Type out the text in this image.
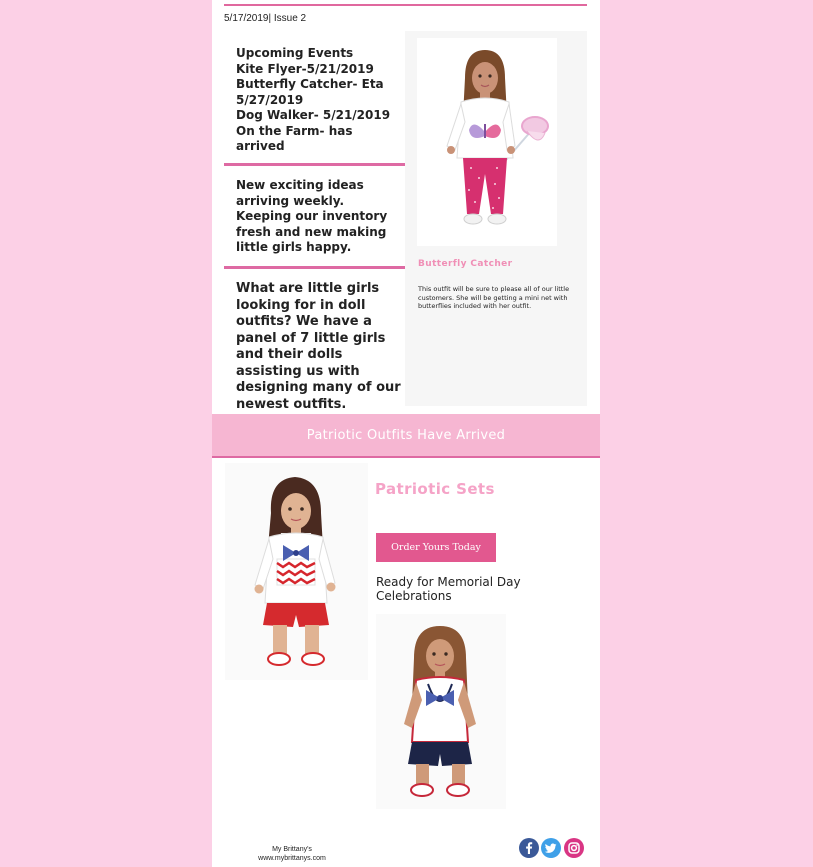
5/17/2019| Issue 2
Upcoming Events
Kite Flyer-5/21/2019
Butterfly Catcher- Eta
5/27/2019
Dog Walker- 5/21/2019
On the Farm- has
arrived
New exciting ideas arriving weekly. Keeping our inventory fresh and new making little girls happy.
What are little girls looking for in doll outfits? We have a panel of 7 little girls and their dolls assisting us with designing many of our newest outfits.
Butterfly Catcher
This outfit will be sure to please all of our little customers. She will be getting a mini net with butterflies included with her outfit.
Patriotic Outfits Have Arrived
Patriotic Sets
Order Yours Today
Ready for Memorial Day Celebrations
My Brittany's
www.mybrittanys.com
